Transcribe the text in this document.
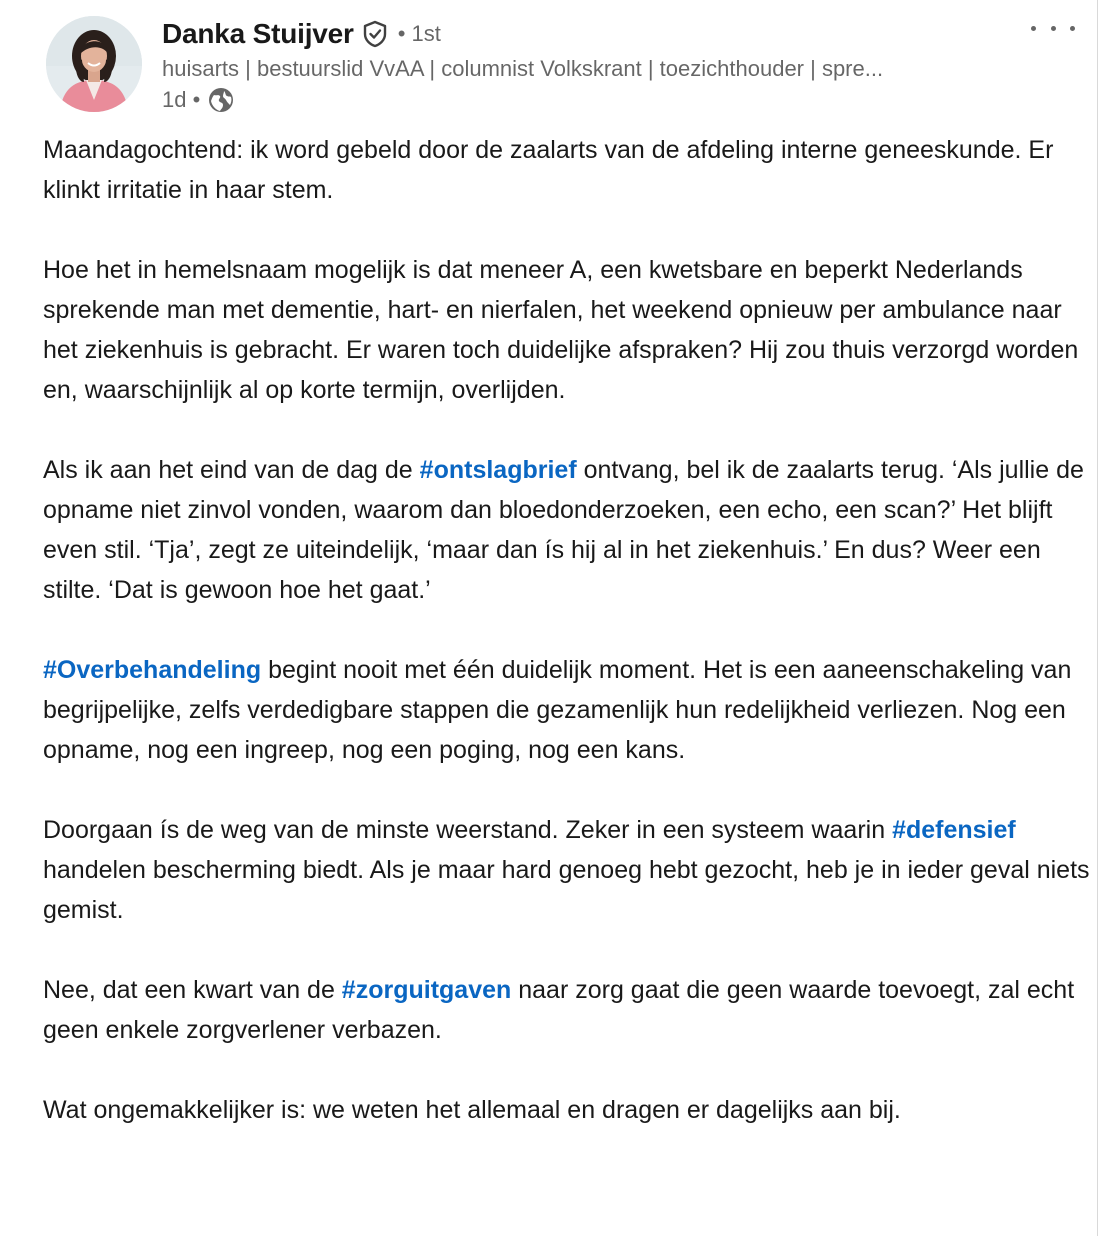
Danka Stuijver • 1st
huisarts | bestuurslid VvAA | columnist Volkskrant | toezichthouder | spre...
1d •

Maandagochtend: ik word gebeld door de zaalarts van de afdeling interne geneeskunde. Er klinkt irritatie in haar stem.

Hoe het in hemelsnaam mogelijk is dat meneer A, een kwetsbare en beperkt Nederlands sprekende man met dementie, hart- en nierfalen, het weekend opnieuw per ambulance naar het ziekenhuis is gebracht. Er waren toch duidelijke afspraken? Hij zou thuis verzorgd worden en, waarschijnlijk al op korte termijn, overlijden.

Als ik aan het eind van de dag de #ontslagbrief ontvang, bel ik de zaalarts terug. ‘Als jullie de opname niet zinvol vonden, waarom dan bloedonderzoeken, een echo, een scan?’ Het blijft even stil. ‘Tja’, zegt ze uiteindelijk, ‘maar dan ís hij al in het ziekenhuis.’ En dus? Weer een stilte. ‘Dat is gewoon hoe het gaat.’

#Overbehandeling begint nooit met één duidelijk moment. Het is een aaneenschakeling van begrijpelijke, zelfs verdedigbare stappen die gezamenlijk hun redelijkheid verliezen. Nog een opname, nog een ingreep, nog een poging, nog een kans.

Doorgaan ís de weg van de minste weerstand. Zeker in een systeem waarin #defensief handelen bescherming biedt. Als je maar hard genoeg hebt gezocht, heb je in ieder geval niets gemist.

Nee, dat een kwart van de #zorguitgaven naar zorg gaat die geen waarde toevoegt, zal echt geen enkele zorgverlener verbazen.

Wat ongemakkelijker is: we weten het allemaal en dragen er dagelijks aan bij.
